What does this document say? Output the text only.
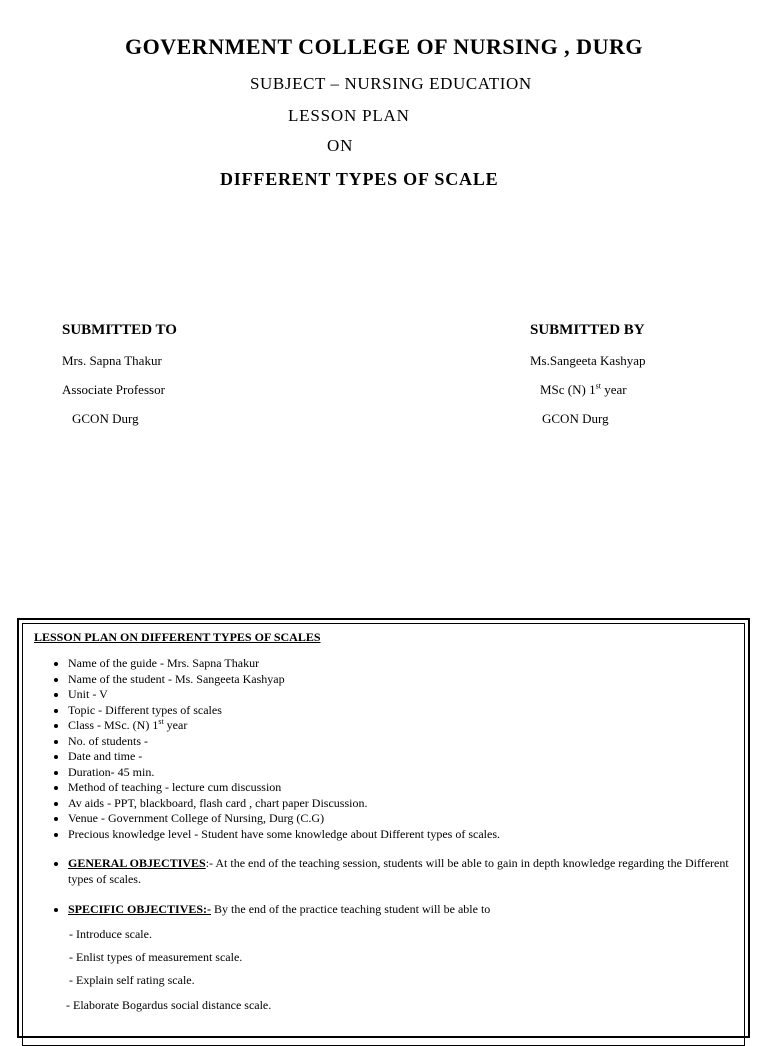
GOVERNMENT COLLEGE OF NURSING , DURG
SUBJECT – NURSING EDUCATION
LESSON PLAN
ON
DIFFERENT TYPES OF SCALE
SUBMITTED TO
Mrs. Sapna Thakur
Associate Professor
GCON Durg
SUBMITTED BY
Ms.Sangeeta Kashyap
MSc (N) 1st year
GCON Durg
LESSON PLAN ON DIFFERENT TYPES OF SCALES
• Name of the guide - Mrs. Sapna Thakur
• Name of the student - Ms. Sangeeta Kashyap
• Unit - V
• Topic - Different types of scales
• Class - MSc. (N) 1st year
• No. of students -
• Date and time -
• Duration- 45 min.
• Method of teaching - lecture cum discussion
• Av aids - PPT, blackboard, flash card , chart paper Discussion.
• Venue - Government College of Nursing, Durg (C.G)
• Precious knowledge level - Student have some knowledge about Different types of scales.
• GENERAL OBJECTIVES:- At the end of the teaching session, students will be able to gain in depth knowledge regarding the Different types of scales.
• SPECIFIC OBJECTIVES:- By the end of the practice teaching student will be able to
- Introduce scale.
- Enlist types of measurement scale.
- Explain self rating scale.
- Elaborate Bogardus social distance scale.
